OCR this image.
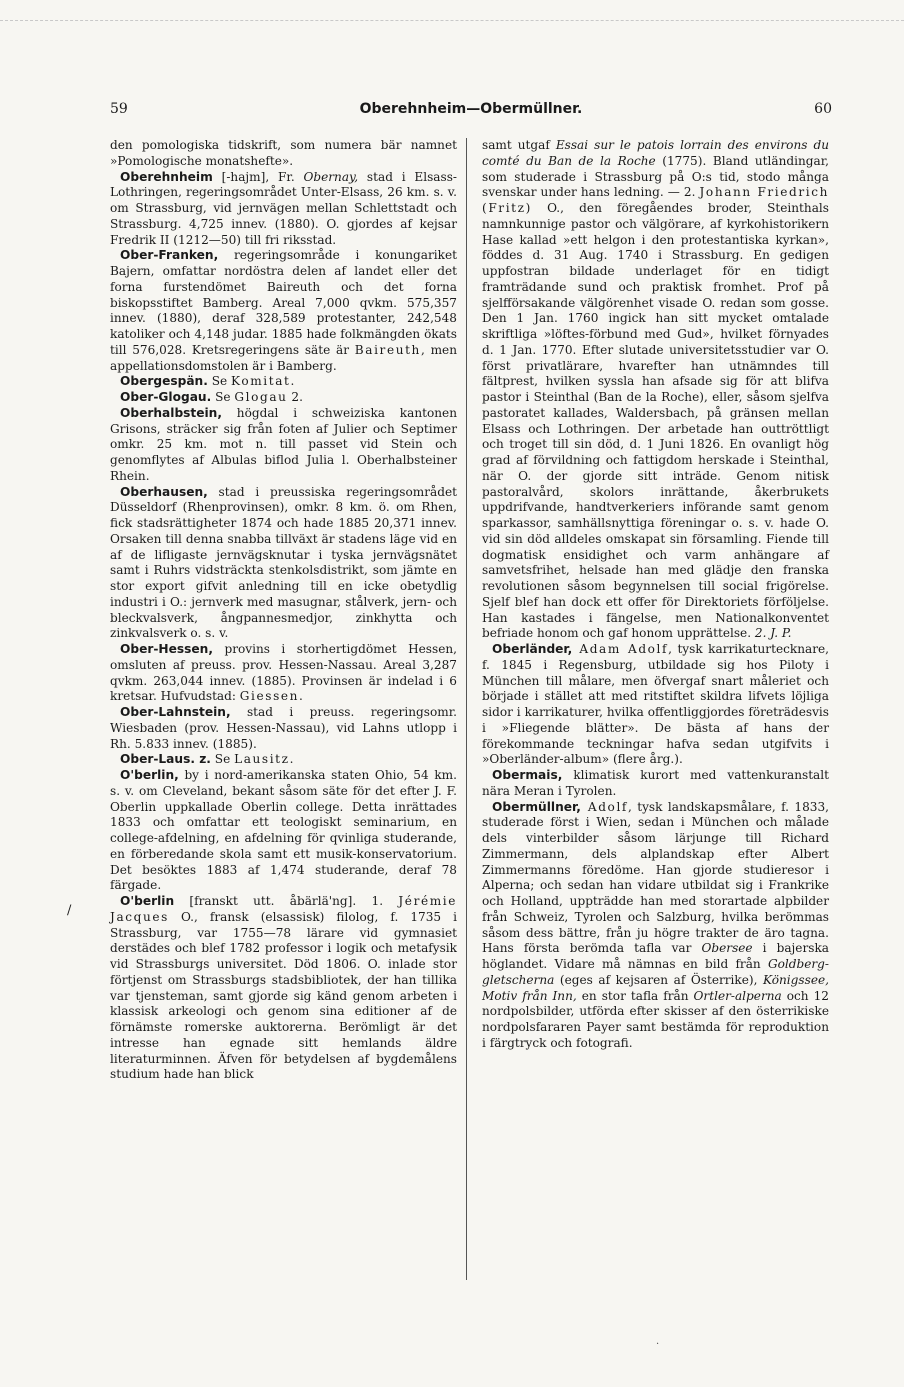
59	Oberehnheim—Obermüllner.	60
/

den pomologiska tidskrift, som numera bär namnet »Pomologische monatshefte».

Oberehnheim [-hajm], Fr. Obernay, stad i Elsass-Lothringen, regeringsområdet Unter-Elsass, 26 km. s. v. om Strassburg, vid jernvägen mellan Schlettstadt och Strassburg. 4,725 innev. (1880). O. gjordes af kejsar Fredrik II (1212—50) till fri riksstad.

Ober-Franken, regeringsområde i konungariket Bajern, omfattar nordöstra delen af landet eller det forna furstendömet Baireuth och det forna biskopsstiftet Bamberg. Areal 7,000 qvkm. 575,357 innev. (1880), deraf 328,589 protestanter, 242,548 katoliker och 4,148 judar. 1885 hade folkmängden ökats till 576,028. Kretsregeringens säte är Baireuth, men appellationsdomstolen är i Bamberg.

Obergespän. Se Komitat.

Ober-Glogau. Se Glogau 2.

Oberhalbstein, högdal i schweiziska kantonen Grisons, sträcker sig från foten af Julier och Septimer omkr. 25 km. mot n. till passet vid Stein och genomflytes af Albulas biflod Julia l. Oberhalbsteiner Rhein.

Oberhausen, stad i preussiska regeringsområdet Düsseldorf (Rhenprovinsen), omkr. 8 km. ö. om Rhen, fick stadsrättigheter 1874 och hade 1885 20,371 innev. Orsaken till denna snabba tillväxt är stadens läge vid en af de lifligaste jernvägsknutar i tyska jernvägsnätet samt i Ruhrs vidsträckta stenkolsdistrikt, som jämte en stor export gifvit anledning till en icke obetydlig industri i O.: jernverk med masugnar, stålverk, jern- och bleckvalsverk, ångpannesmedjor, zinkhytta och zinkvalsverk o. s. v.

Ober-Hessen, provins i storhertigdömet Hessen, omsluten af preuss. prov. Hessen-Nassau. Areal 3,287 qvkm. 263,044 innev. (1885). Provinsen är indelad i 6 kretsar. Hufvudstad: Giessen.

Ober-Lahnstein, stad i preuss. regeringsomr. Wiesbaden (prov. Hessen-Nassau), vid Lahns utlopp i Rh. 5.833 innev. (1885).

Ober-Laus. z. Se Lausitz.

O'berlin, by i nord-amerikanska staten Ohio, 54 km. s. v. om Cleveland, bekant såsom säte för det efter J. F. Oberlin uppkallade Oberlin college. Detta inrättades 1833 och omfattar ett teologiskt seminarium, en college-afdelning, en afdelning för qvinliga studerande, en förberedande skola samt ett musik-konservatorium. Det besöktes 1883 af 1,474 studerande, deraf 78 färgade.

O'berlin [franskt utt. åbärlä'ng]. 1. Jérémie Jacques O., fransk (elsassisk) filolog, f. 1735 i Strassburg, var 1755—78 lärare vid gymnasiet derstädes och blef 1782 professor i logik och metafysik vid Strassburgs universitet. Död 1806. O. inlade stor förtjenst om Strassburgs stadsbibliotek, der han tillika var tjensteman, samt gjorde sig känd genom arbeten i klassisk arkeologi och genom sina editioner af de förnämste romerske auktorerna. Berömligt är det intresse han egnade sitt hemlands äldre literaturminnen. Äfven för betydelsen af bygdemålens studium hade han blick

samt utgaf Essai sur le patois lorrain des environs du comté du Ban de la Roche (1775). Bland utländingar, som studerade i Strassburg på O:s tid, stodo många svenskar under hans ledning. — 2. Johann Friedrich (Fritz) O., den föregåendes broder, Steinthals namnkunnige pastor och välgörare, af kyrkohistorikern Hase kallad »ett helgon i den protestantiska kyrkan», föddes d. 31 Aug. 1740 i Strassburg. En gedigen uppfostran bildade underlaget för en tidigt framträdande sund och praktisk fromhet. Prof på sjelfförsakande välgörenhet visade O. redan som gosse. Den 1 Jan. 1760 ingick han sitt mycket omtalade skriftliga »löftes-förbund med Gud», hvilket förnyades d. 1 Jan. 1770. Efter slutade universitetsstudier var O. först privatlärare, hvarefter han utnämndes till fältprest, hvilken syssla han afsade sig för att blifva pastor i Steinthal (Ban de la Roche), eller, såsom sjelfva pastoratet kallades, Waldersbach, på gränsen mellan Elsass och Lothringen. Der arbetade han outtröttligt och troget till sin död, d. 1 Juni 1826. En ovanligt hög grad af förvildning och fattigdom herskade i Steinthal, när O. der gjorde sitt inträde. Genom nitisk pastoralvård, skolors inrättande, åkerbrukets uppdrifvande, handtverkeriers införande samt genom sparkassor, samhällsnyttiga föreningar o. s. v. hade O. vid sin död alldeles omskapat sin församling. Fiende till dogmatisk ensidighet och varm anhängare af samvetsfrihet, helsade han med glädje den franska revolutionen såsom begynnelsen till social frigörelse. Sjelf blef han dock ett offer för Direktoriets förföljelse. Han kastades i fängelse, men Nationalkonventet befriade honom och gaf honom upprättelse. 2. J. P.

Oberländer, Adam Adolf, tysk karrikaturtecknare, f. 1845 i Regensburg, utbildade sig hos Piloty i München till målare, men öfvergaf snart måleriet och började i stället att med ritstiftet skildra lifvets löjliga sidor i karrikaturer, hvilka offentliggjordes företrädesvis i »Fliegende blätter». De bästa af hans der förekommande teckningar hafva sedan utgifvits i »Oberländer-album» (flere årg.).

Obermais, klimatisk kurort med vattenkuranstalt nära Meran i Tyrolen.

Obermüllner, Adolf, tysk landskapsmålare, f. 1833, studerade först i Wien, sedan i München och målade dels vinterbilder såsom lärjunge till Richard Zimmermann, dels alplandskap efter Albert Zimmermanns föredöme. Han gjorde studieresor i Alperna; och sedan han vidare utbildat sig i Frankrike och Holland, uppträdde han med storartade alpbilder från Schweiz, Tyrolen och Salzburg, hvilka berömmas såsom dess bättre, från ju högre trakter de äro tagna. Hans första berömda tafla var Obersee i bajerska höglandet. Vidare må nämnas en bild från Goldberg-gletscherna (eges af kejsaren af Österrike), Königssee, Motiv från Inn, en stor tafla från Ortler-alperna och 12 nordpolsbilder, utförda efter skisser af den österrikiske nordpolsfararen Payer samt bestämda för reproduktion i färgtryck och fotografi.

·
